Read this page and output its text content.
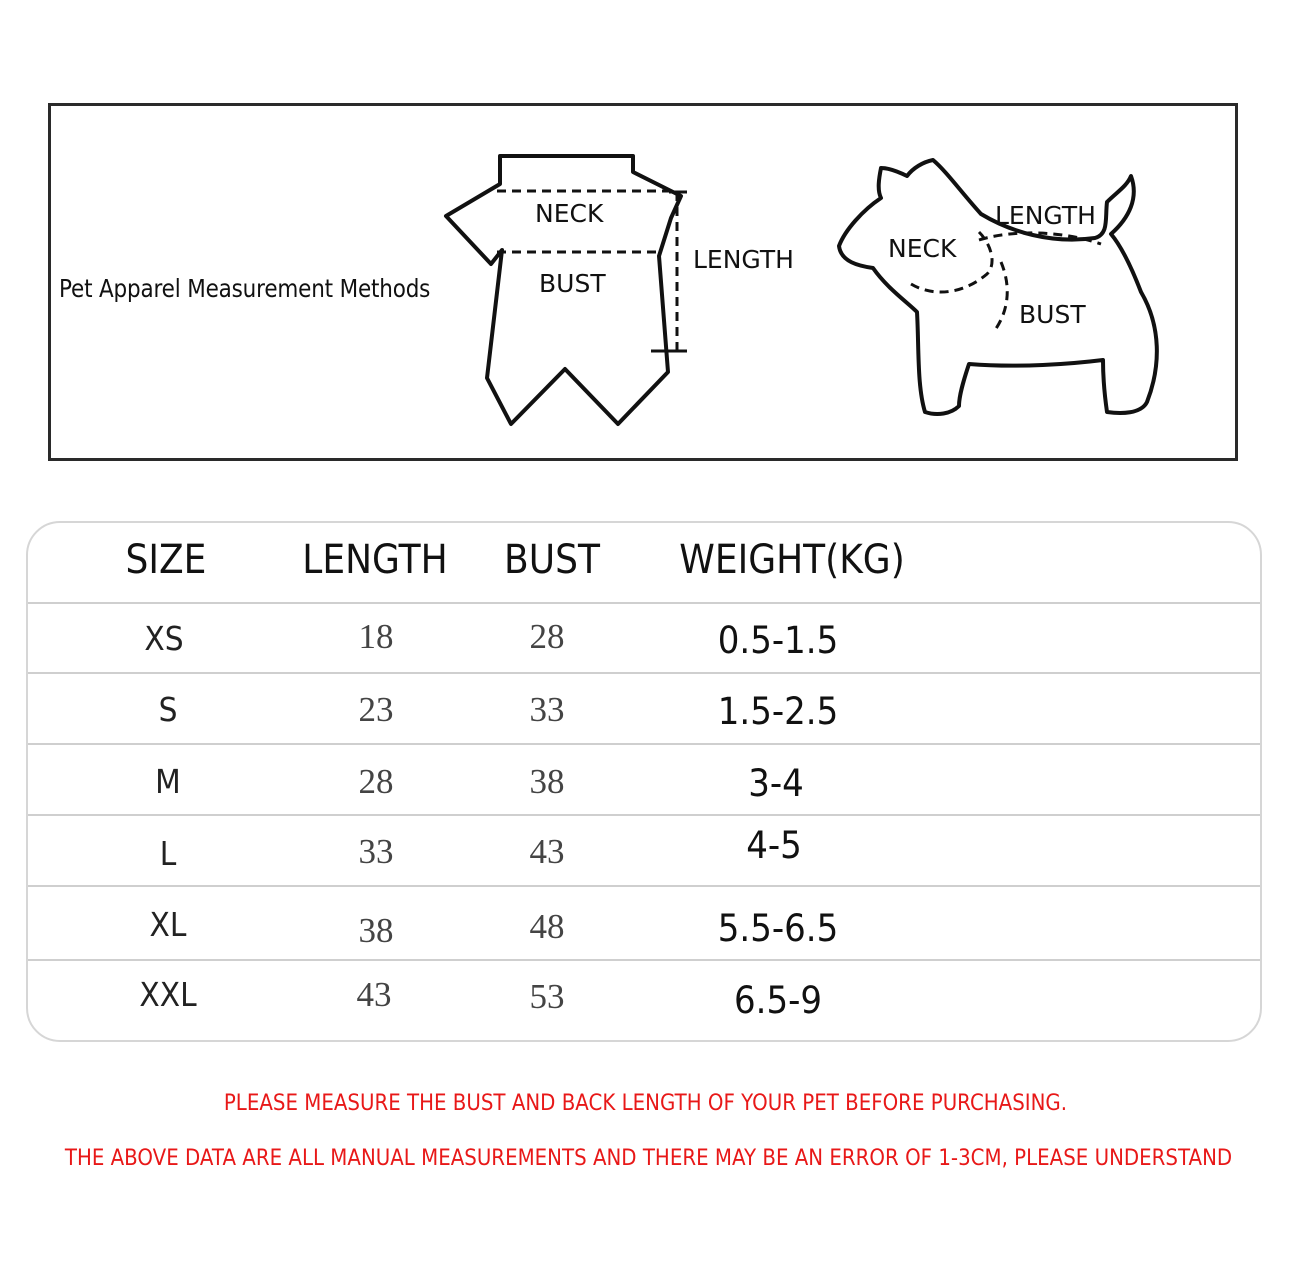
Pet Apparel Measurement Methods
NECK
BUST
LENGTH	NECK
LENGTH
BUST
SIZE LENGTH BUST WEIGHT(KG)
XS	18	28	0.5-1.5
S	23	33	1.5-2.5
M	28	38	3-4
L	33	43	4-5
XL	38	48	5.5-6.5
XXL	43	53	6.5-9
PLEASE MEASURE THE BUST AND BACK LENGTH OF YOUR PET BEFORE PURCHASING.
THE ABOVE DATA ARE ALL MANUAL MEASUREMENTS AND THERE MAY BE AN ERROR OF 1-3CM, PLEASE UNDERSTAND
